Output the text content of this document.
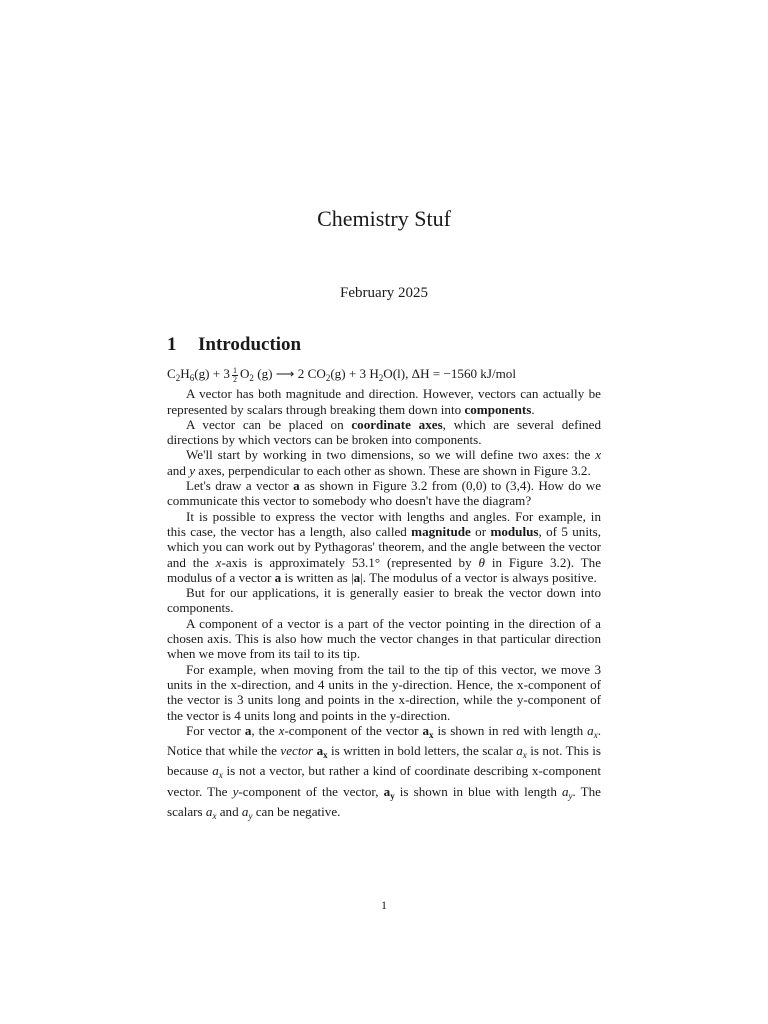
Chemistry Stuf
February 2025
1 Introduction

$C_2H_6(g) + 3 \frac{1}{2} O_2$ (g) ⟶ 2 $CO_2(g) + 3$ $H_2O(l)$, ΔH = −1560 kJ/mol

A vector has both magnitude and direction. However, vectors can actually be represented by scalars through breaking them down into components.

A vector can be placed on coordinate axes, which are several defined directions by which vectors can be broken into components.

We'll start by working in two dimensions, so we will define two axes: the x and y axes, perpendicular to each other as shown. These are shown in Figure 3.2.

Let's draw a vector a as shown in Figure 3.2 from (0,0) to (3,4). How do we communicate this vector to somebody who doesn't have the diagram?

It is possible to express the vector with lengths and angles. For example, in this case, the vector has a length, also called magnitude or modulus, of 5 units, which you can work out by Pythagoras' theorem, and the angle between the vector and the x-axis is approximately 53.1° (represented by θ in Figure 3.2). The modulus of a vector a is written as |a|. The modulus of a vector is always positive.

But for our applications, it is generally easier to break the vector down into components.

A component of a vector is a part of the vector pointing in the direction of a chosen axis. This is also how much the vector changes in that particular direction when we move from its tail to its tip.

For example, when moving from the tail to the tip of this vector, we move 3 units in the x-direction, and 4 units in the y-direction. Hence, the x-component of the vector is 3 units long and points in the x-direction, while the y-component of the vector is 4 units long and points in the y-direction.

For vector a, the x-component of the vector $a_x$ is shown in red with length $a_x$. Notice that while the vector $a_x$ is written in bold letters, the scalar $a_x$ is not. This is because $a_x$ is not a vector, but rather a kind of coordinate describing x-component vector. The y-component of the vector, $a_y$ is shown in blue with length $a_y$. The scalars $a_x$ and $a_y$ can be negative.

1
